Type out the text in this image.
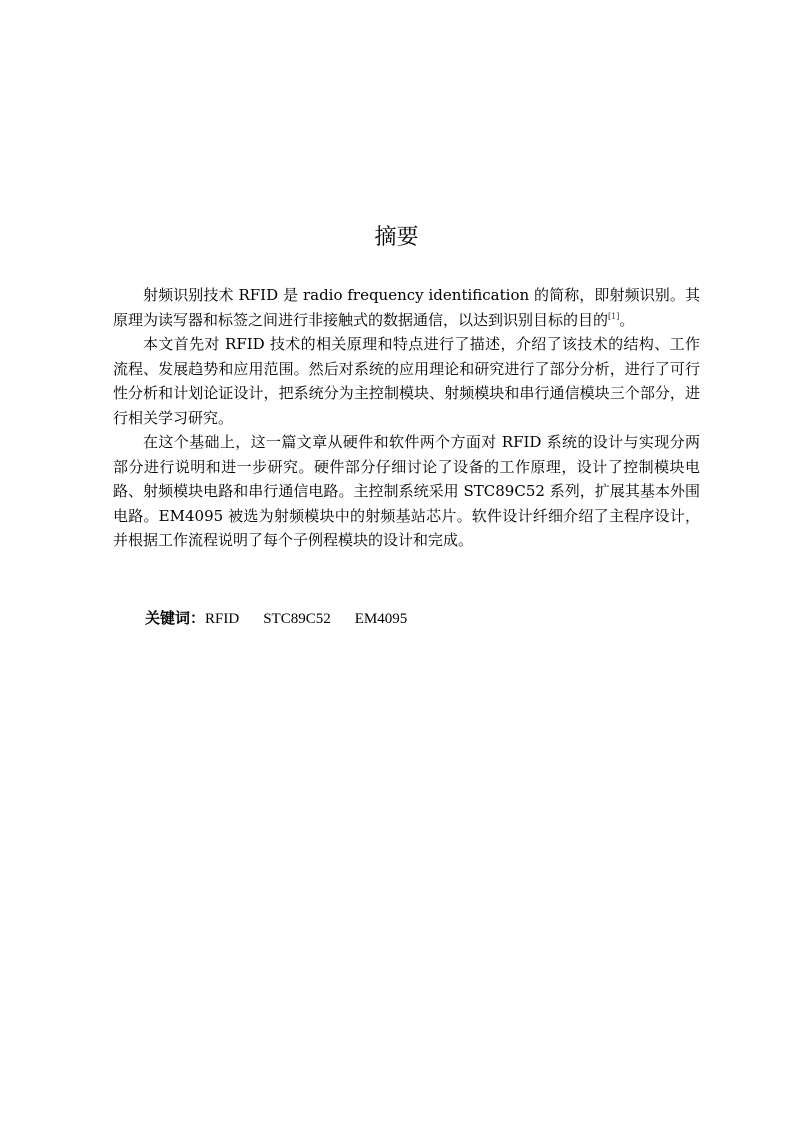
摘要

射频识别技术 RFID 是 radio frequency identification 的简称，即射频识别。其原理为读写器和标签之间进行非接触式的数据通信，以达到识别目标的目的[1]。

本文首先对 RFID 技术的相关原理和特点进行了描述，介绍了该技术的结构、工作流程、发展趋势和应用范围。然后对系统的应用理论和研究进行了部分分析，进行了可行性分析和计划论证设计，把系统分为主控制模块、射频模块和串行通信模块三个部分，进行相关学习研究。

在这个基础上，这一篇文章从硬件和软件两个方面对 RFID 系统的设计与实现分两部分进行说明和进一步研究。硬件部分仔细讨论了设备的工作原理，设计了控制模块电路、射频模块电路和串行通信电路。主控制系统采用 STC89C52 系列，扩展其基本外围电路。EM4095 被选为射频模块中的射频基站芯片。软件设计纤细介绍了主程序设计，并根据工作流程说明了每个子例程模块的设计和完成。

关键词：RFID STC89C52 EM4095
